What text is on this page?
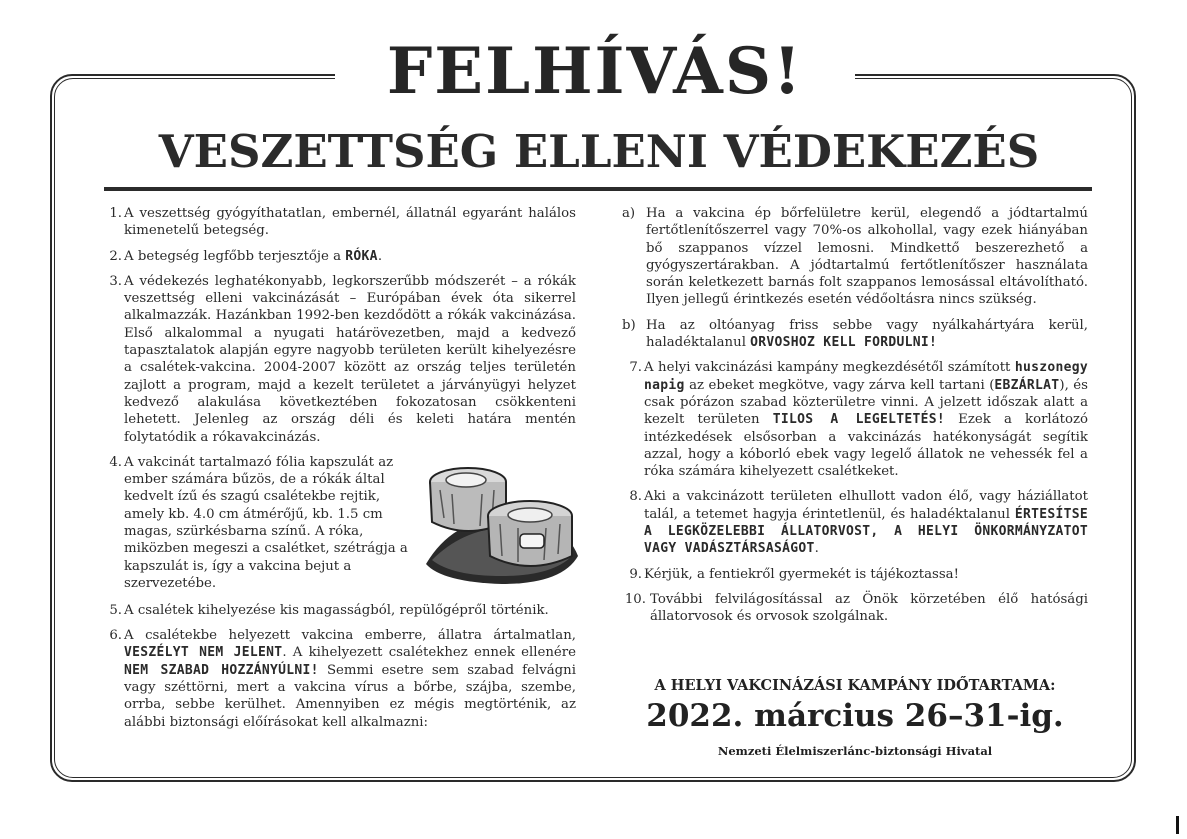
FELHÍVÁS!
VESZETTSÉG ELLENI VÉDEKEZÉS
1. A veszettség gyógyíthatatlan, embernél, állatnál egyaránt halálos kimenetelű betegség.
2. A betegség legfőbb terjesztője a RÓKA.
3. A védekezés leghatékonyabb, legkorszerűbb módszerét – a rókák veszettség elleni vakcinázását – Európában évek óta sikerrel alkalmazzák. Hazánkban 1992-ben kezdődött a rókák vakcinázása. Első alkalommal a nyugati határövezetben, majd a kedvező tapasztalatok alapján egyre nagyobb területen került kihelyezésre a csalétek-vakcina. 2004-2007 között az ország teljes területén zajlott a program, majd a kezelt területet a járványügyi helyzet kedvező alakulása következtében fokozatosan csökkenteni lehetett. Jelenleg az ország déli és keleti határa mentén folytatódik a rókavakcinázás.
4. A vakcinát tartalmazó fólia kapszulát az ember számára bűzös, de a rókák által kedvelt ízű és szagú csalétekbe rejtik, amely kb. 4.0 cm átmérőjű, kb. 1.5 cm magas, szürkésbarna színű. A róka, miközben megeszi a csalétket, szétrágja a kapszulát is, így a vakcina bejut a szervezetébe.
5. A csalétek kihelyezése kis magasságból, repülőgépről történik.
6. A csalétekbe helyezett vakcina emberre, állatra ártalmatlan, VESZÉLYT NEM JELENT. A kihelyezett csalétekhez ennek ellenére NEM SZABAD HOZZÁNYÚLNI! Semmi esetre sem szabad felvágni vagy széttörni, mert a vakcina vírus a bőrbe, szájba, szembe, orrba, sebbe kerülhet. Amennyiben ez mégis megtörténik, az alábbi biztonsági előírásokat kell alkalmazni:
a) Ha a vakcina ép bőrfelületre kerül, elegendő a jódtartalmú fertőtlenítőszerrel vagy 70%-os alkohollal, vagy ezek hiányában bő szappanos vízzel lemosni. Mindkettő beszerezhető a gyógyszertárakban. A jódtartalmú fertőtlenítőszer használata során keletkezett barnás folt szappanos lemosással eltávolítható. Ilyen jellegű érintkezés esetén védőoltásra nincs szükség.
b) Ha az oltóanyag friss sebbe vagy nyálkahártyára kerül, haladéktalanul ORVOSHOZ KELL FORDULNI!
7. A helyi vakcinázási kampány megkezdésétől számított huszonegy napig az ebeket megkötve, vagy zárva kell tartani (EBZÁRLAT), és csak pórázon szabad közterületre vinni. A jelzett időszak alatt a kezelt területen TILOS A LEGELTETÉS! Ezek a korlátozó intézkedések elsősorban a vakcinázás hatékonyságát segítik azzal, hogy a kóborló ebek vagy legelő állatok ne vehessék fel a róka számára kihelyezett csalétkeket.
8. Aki a vakcinázott területen elhullott vadon élő, vagy háziállatot talál, a tetemet hagyja érintetlenül, és haladéktalanul ÉRTESÍTSE A LEGKÖZELEBBI ÁLLATORVOST, A HELYI ÖNKORMÁNYZATOT VAGY VADÁSZTÁRSASÁGOT.
9. Kérjük, a fentiekről gyermekét is tájékoztassa!
10. További felvilágosítással az Önök körzetében élő hatósági állatorvosok és orvosok szolgálnak.
A HELYI VAKCINÁZÁSI KAMPÁNY IDŐTARTAMA:
2022. március 26–31-ig.
Nemzeti Élelmiszerlánc-biztonsági Hivatal
